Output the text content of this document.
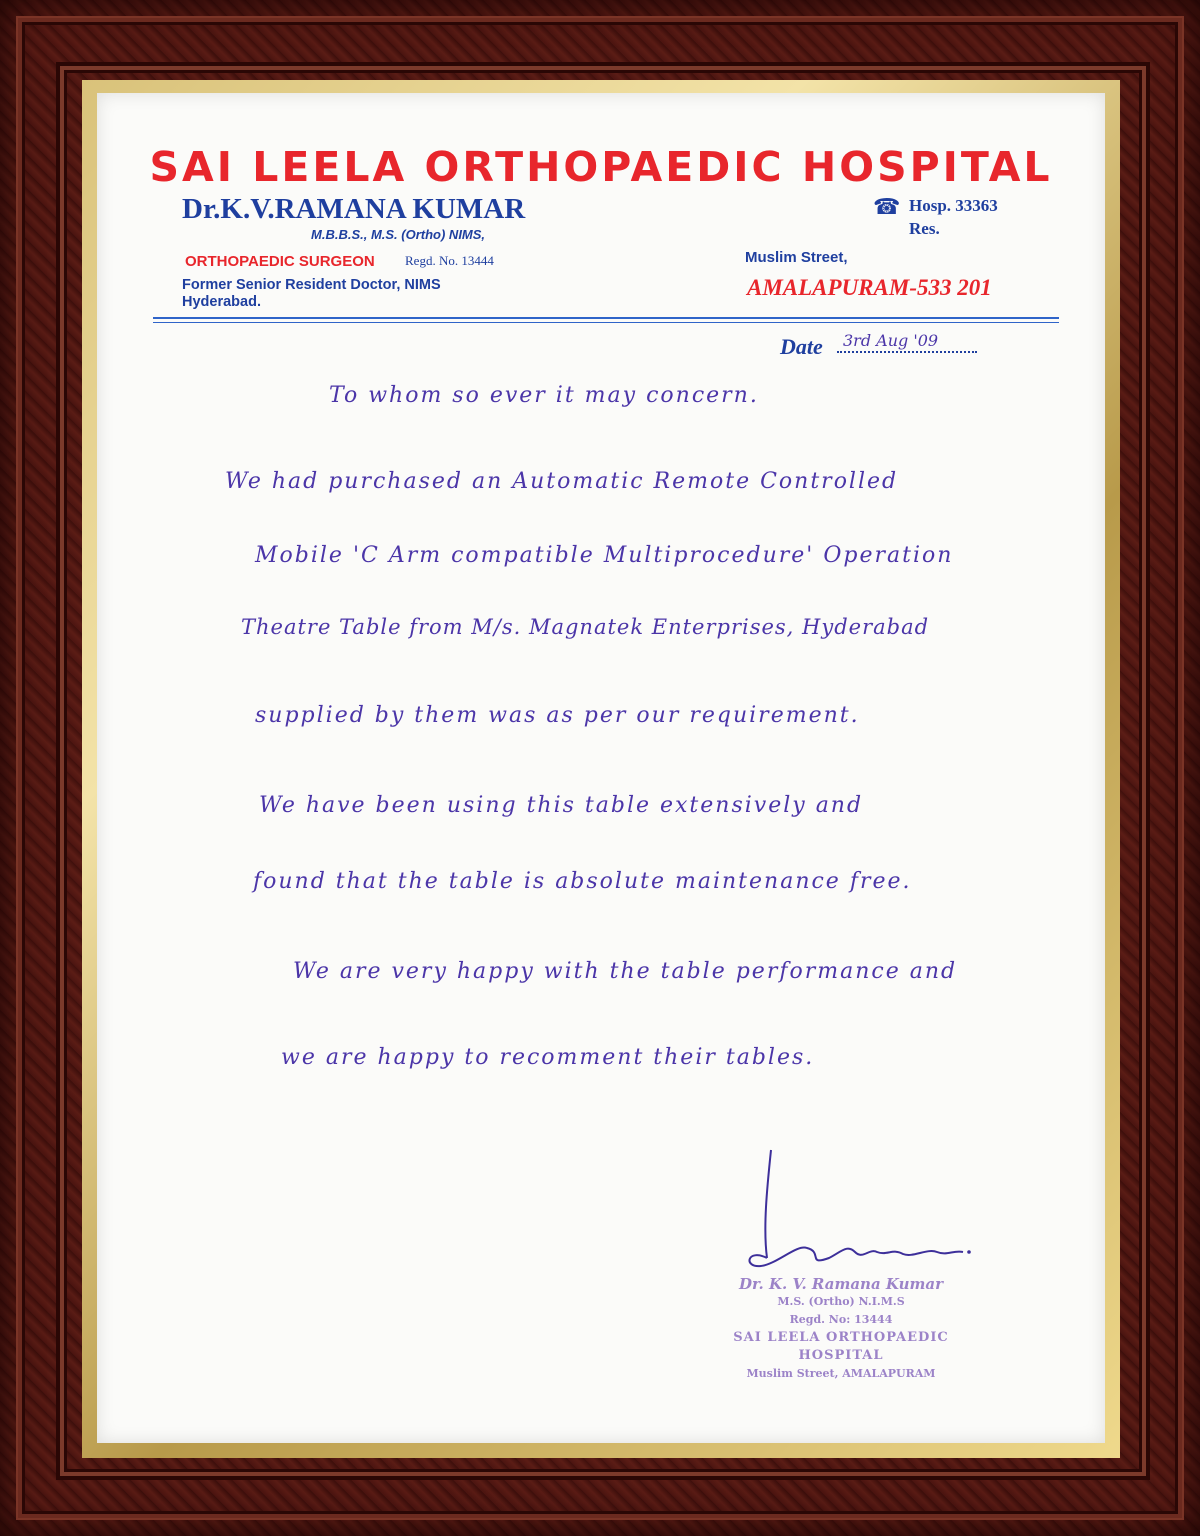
SAI LEELA ORTHOPAEDIC HOSPITAL
Dr.K.V.RAMANA KUMAR
M.B.B.S., M.S. (Ortho) NIMS,
ORTHOPAEDIC SURGEON Regd. No. 13444
Former Senior Resident Doctor, NIMS
Hyderabad.
☎ Hosp. 33363
Res.
Muslim Street,
AMALAPURAM-533 201
Date 3rd Aug '09
To whom so ever it may concern.
We had purchased an Automatic Remote Controlled
Mobile 'C Arm compatible Multiprocedure' Operation
Theatre Table from M/s. Magnatek Enterprises, Hyderabad
supplied by them was as per our requirement.
We have been using this table extensively and
found that the table is absolute maintenance free.
We are very happy with the table performance and
we are happy to recomment their tables.
Dr. K. V. Ramana Kumar
M.S. (Ortho) N.I.M.S
Regd. No: 13444
SAI LEELA ORTHOPAEDIC HOSPITAL
Muslim Street, AMALAPURAM
